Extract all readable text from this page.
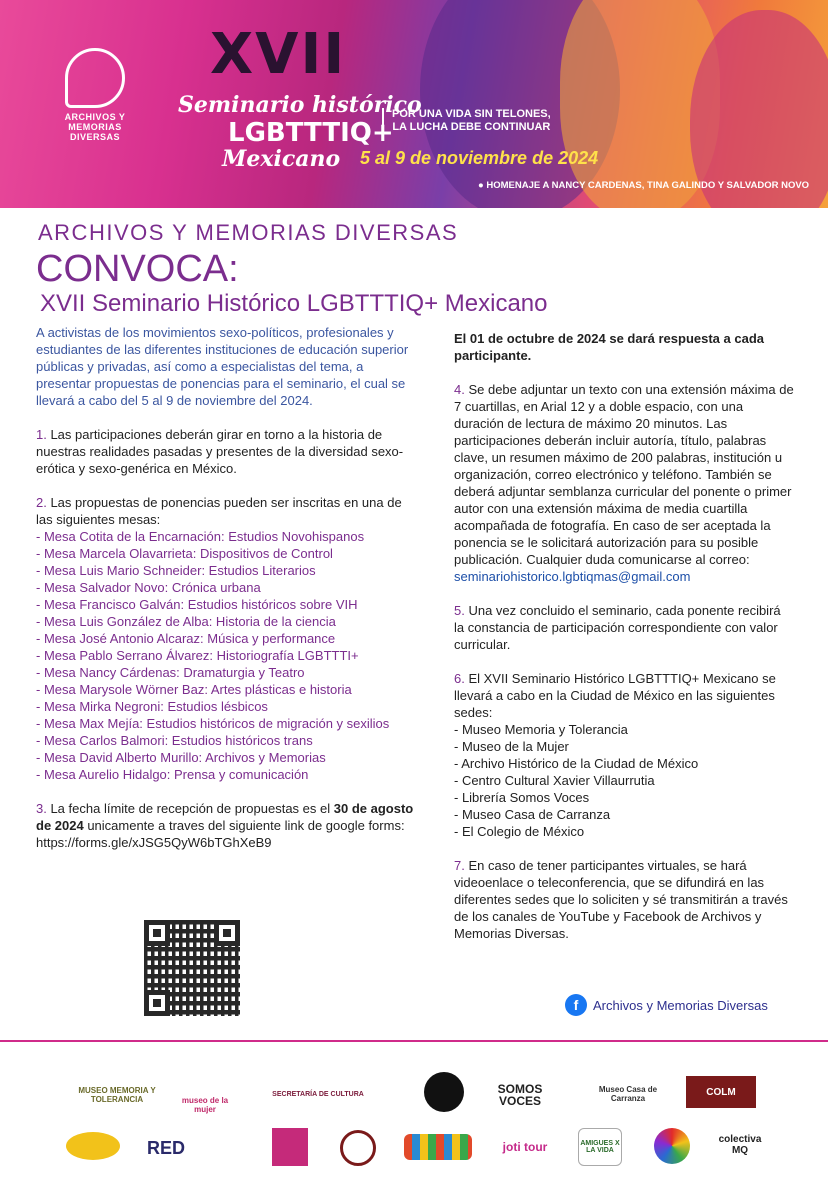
ARCHIVOS Y MEMORIAS DIVERSAS
XVII
Seminario histórico
LGBTTTIQ+
Mexicano
POR UNA VIDA SIN TELONES,
LA LUCHA DEBE CONTINUAR
5 al 9 de noviembre de 2024
● HOMENAJE A NANCY CARDENAS, TINA GALINDO Y SALVADOR NOVO
ARCHIVOS Y MEMORIAS DIVERSAS
CONVOCA:
XVII Seminario Histórico LGBTTTIQ+ Mexicano

A activistas de los movimientos sexo-políticos, profesionales y estudiantes de las diferentes instituciones de educación superior públicas y privadas, así como a especialistas del tema, a presentar propuestas de ponencias para el seminario, el cual se llevará a cabo del 5 al 9 de noviembre del 2024.

1. Las participaciones deberán girar en torno a la historia de nuestras realidades pasadas y presentes de la diversidad sexo-erótica y sexo-genérica en México.

2. Las propuestas de ponencias pueden ser inscritas en una de las siguientes mesas:

- Mesa Cotita de la Encarnación: Estudios Novohispanos
- Mesa Marcela Olavarrieta: Dispositivos de Control
- Mesa Luis Mario Schneider: Estudios Literarios
- Mesa Salvador Novo: Crónica urbana
- Mesa Francisco Galván: Estudios históricos sobre VIH
- Mesa Luis González de Alba: Historia de la ciencia
- Mesa José Antonio Alcaraz: Música y performance
- Mesa Pablo Serrano Álvarez: Historiografía LGBTTTI+
- Mesa Nancy Cárdenas: Dramaturgia y Teatro
- Mesa Marysole Wörner Baz: Artes plásticas e historia
- Mesa Mirka Negroni: Estudios lésbicos
- Mesa Max Mejía: Estudios históricos de migración y sexilios
- Mesa Carlos Balmori: Estudios históricos trans
- Mesa David Alberto Murillo: Archivos y Memorias
- Mesa Aurelio Hidalgo: Prensa y comunicación

3. La fecha límite de recepción de propuestas es el 30 de agosto de 2024 unicamente a traves del siguiente link de google forms:

https://forms.gle/xJSG5QyW6bTGhXeB9

El 01 de octubre de 2024 se dará respuesta a cada participante.

4. Se debe adjuntar un texto con una extensión máxima de 7 cuartillas, en Arial 12 y a doble espacio, con una duración de lectura de máximo 20 minutos. Las participaciones deberán incluir autoría, título, palabras clave, un resumen máximo de 200 palabras, institución u organización, correo electrónico y teléfono. También se deberá adjuntar semblanza curricular del ponente o primer autor con una extensión máxima de media cuartilla acompañada de fotografía. En caso de ser aceptada la ponencia se le solicitará autorización para su posible publicación. Cualquier duda comunicarse al correo: seminariohistorico.lgbtiqmas@gmail.com

5. Una vez concluido el seminario, cada ponente recibirá la constancia de participación correspondiente con valor curricular.

6. El XVII Seminario Histórico LGBTTTIQ+ Mexicano se llevará a cabo en la Ciudad de México en las siguientes sedes:

- Museo Memoria y Tolerancia
- Museo de la Mujer
- Archivo Histórico de la Ciudad de México
- Centro Cultural Xavier Villaurrutia
- Librería Somos Voces
- Museo Casa de Carranza
- El Colegio de México

7. En caso de tener participantes virtuales, se hará videoenlace o teleconferencia, que se difundirá en las diferentes sedes que lo soliciten y sé transmitirán a través de los canales de YouTube y Facebook de Archivos y Memorias Diversas.

f	Archivos y Memorias Diversas
MUSEO MEMORIA Y TOLERANCIA	museo de la mujer
SECRETARÍA DE CULTURA	SOMOS VOCES
Museo Casa de Carranza
COLM
RED	joti tour	AMIGUES X LA VIDA
colectiva MQ
